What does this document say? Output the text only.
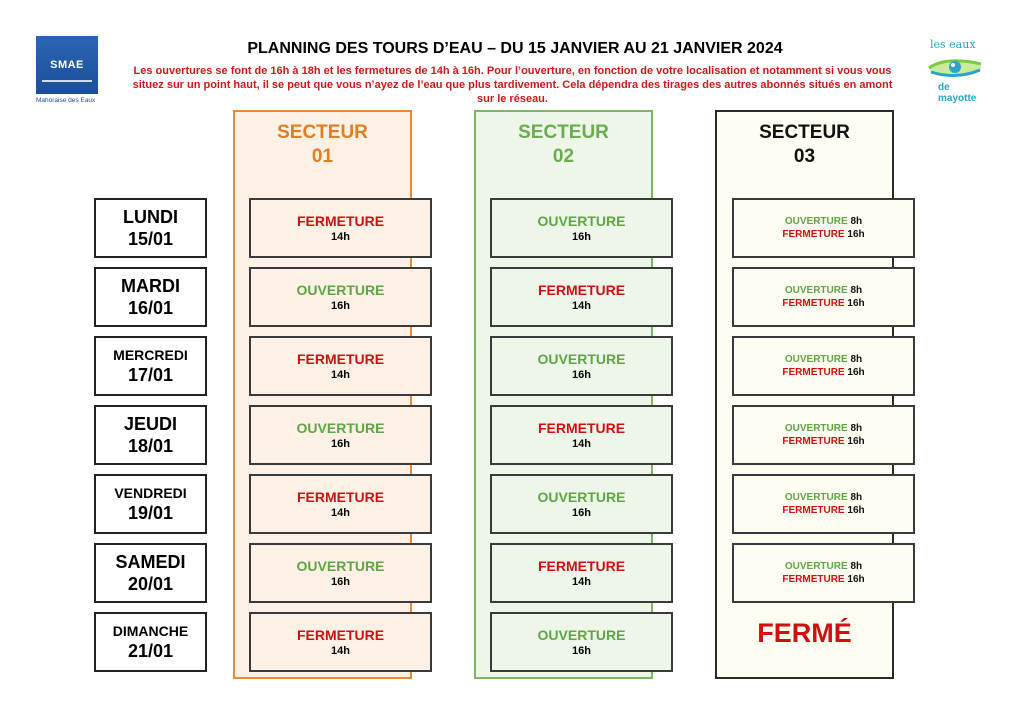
SMAE
Mahoraise des Eaux
les eaux
de mayotte
PLANNING DES TOURS D’EAU – DU 15 JANVIER AU 21 JANVIER 2024
Les ouvertures se font de 16h à 18h et les fermetures de 14h à 16h. Pour l’ouverture, en fonction de votre localisation et notamment si vous vous situez sur un point haut, il se peut que vous n’ayez de l’eau que plus tardivement. Cela dépendra des tirages des autres abonnés situés en amont sur le réseau.
SECTEUR
01
SECTEUR
02
SECTEUR
03
LUNDI
15/01
MARDI
16/01
MERCREDI
17/01
JEUDI
18/01
VENDREDI
19/01
SAMEDI
20/01
DIMANCHE
21/01
FERMETURE
14h
OUVERTURE
16h
FERMETURE
14h
OUVERTURE
16h
FERMETURE
14h
OUVERTURE
16h
FERMETURE
14h
OUVERTURE
16h
FERMETURE
14h
OUVERTURE
16h
FERMETURE
14h
OUVERTURE
16h
FERMETURE
14h
OUVERTURE
16h
OUVERTURE 8h
FERMETURE 16h
OUVERTURE 8h
FERMETURE 16h
OUVERTURE 8h
FERMETURE 16h
OUVERTURE 8h
FERMETURE 16h
OUVERTURE 8h
FERMETURE 16h
OUVERTURE 8h
FERMETURE 16h
FERMÉ
